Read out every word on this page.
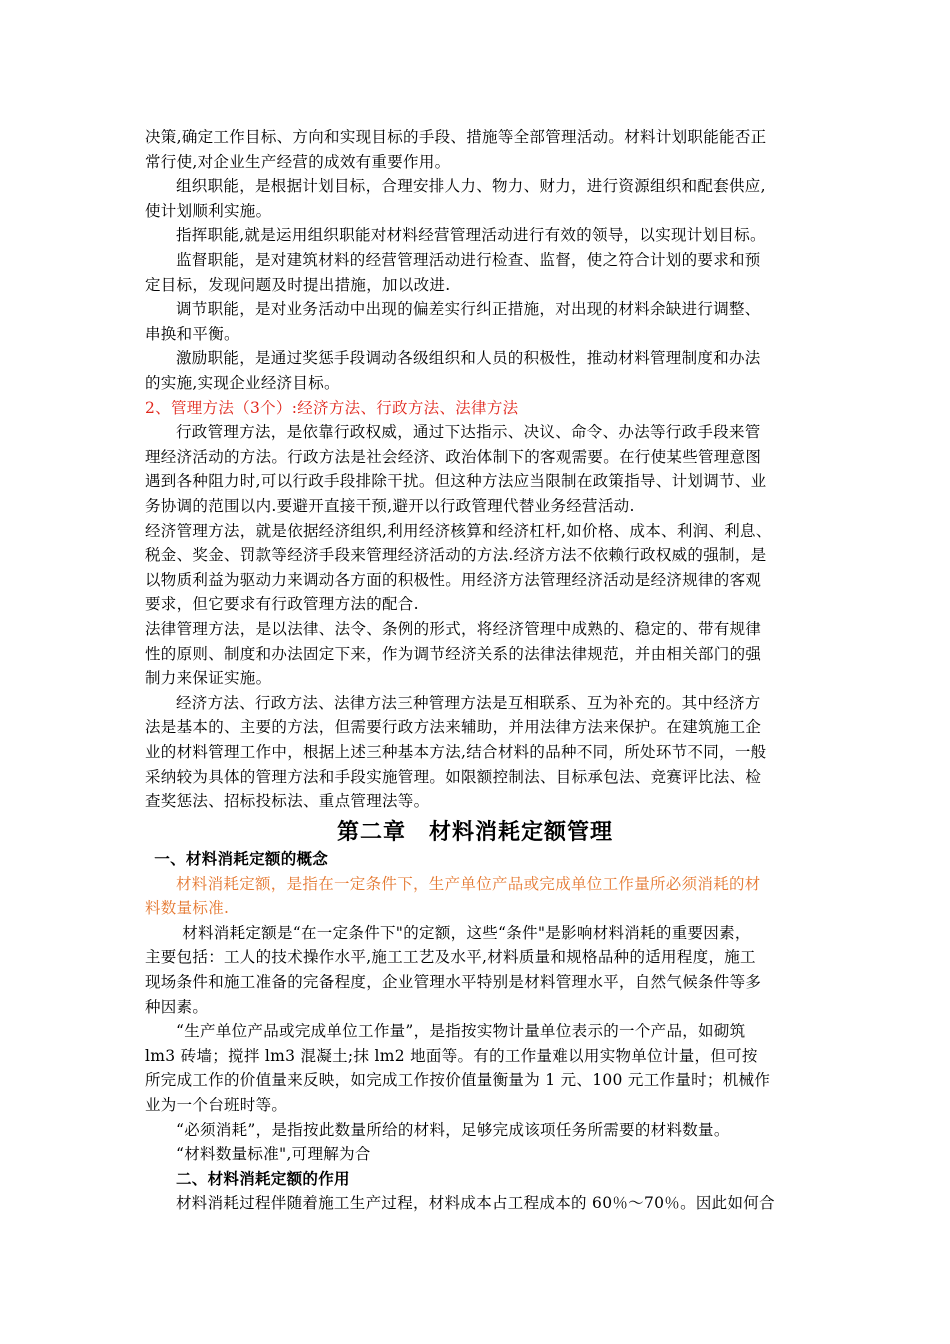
第二章　材料消耗定额管理
决策,确定工作目标、方向和实现目标的手段、措施等全部管理活动。材料计划职能能否正
常行使,对企业生产经营的成效有重要作用。
组织职能，是根据计划目标，合理安排人力、物力、财力，进行资源组织和配套供应,
使计划顺利实施。
指挥职能,就是运用组织职能对材料经营管理活动进行有效的领导，以实现计划目标。
监督职能，是对建筑材料的经营管理活动进行检查、监督，使之符合计划的要求和预
定目标，发现问题及时提出措施，加以改进.
调节职能，是对业务活动中出现的偏差实行纠正措施，对出现的材料余缺进行调整、
串换和平衡。
激励职能，是通过奖惩手段调动各级组织和人员的积极性，推动材料管理制度和办法
的实施,实现企业经济目标。
2、管理方法（3个）:经济方法、行政方法、法律方法
行政管理方法，是依靠行政权威，通过下达指示、决议、命令、办法等行政手段来管
理经济活动的方法。行政方法是社会经济、政治体制下的客观需要。在行使某些管理意图
遇到各种阻力时,可以行政手段排除干扰。但这种方法应当限制在政策指导、计划调节、业
务协调的范围以内.要避开直接干预,避开以行政管理代替业务经营活动.
经济管理方法，就是依据经济组织,利用经济核算和经济杠杆,如价格、成本、利润、利息、
税金、奖金、罚款等经济手段来管理经济活动的方法.经济方法不依赖行政权威的强制，是
以物质利益为驱动力来调动各方面的积极性。用经济方法管理经济活动是经济规律的客观
要求，但它要求有行政管理方法的配合.
法律管理方法，是以法律、法令、条例的形式，将经济管理中成熟的、稳定的、带有规律
性的原则、制度和办法固定下来，作为调节经济关系的法律法律规范，并由相关部门的强
制力来保证实施。
经济方法、行政方法、法律方法三种管理方法是互相联系、互为补充的。其中经济方
法是基本的、主要的方法，但需要行政方法来辅助，并用法律方法来保护。在建筑施工企
业的材料管理工作中，根据上述三种基本方法,结合材料的品种不同，所处环节不同，一般
采纳较为具体的管理方法和手段实施管理。如限额控制法、目标承包法、竞赛评比法、检
查奖惩法、招标投标法、重点管理法等。
一、材料消耗定额的概念
材料消耗定额，是指在一定条件下，生产单位产品或完成单位工作量所必须消耗的材
料数量标准.
材料消耗定额是“在一定条件下"的定额，这些“条件"是影响材料消耗的重要因素，
主要包括：工人的技术操作水平,施工工艺及水平,材料质量和规格品种的适用程度，施工
现场条件和施工准备的完备程度，企业管理水平特别是材料管理水平，自然气候条件等多
种因素。
“生产单位产品或完成单位工作量”，是指按实物计量单位表示的一个产品，如砌筑
lm3 砖墙；搅拌 lm3 混凝土;抹 lm2 地面等。有的工作量难以用实物单位计量，但可按
所完成工作的价值量来反映，如完成工作按价值量衡量为 1 元、100 元工作量时；机械作
业为一个台班时等。
“必须消耗”，是指按此数量所给的材料，足够完成该项任务所需要的材料数量。
“材料数量标准",可理解为合
二、材料消耗定额的作用
材料消耗过程伴随着施工生产过程，材料成本占工程成本的 60％～70％。因此如何合
